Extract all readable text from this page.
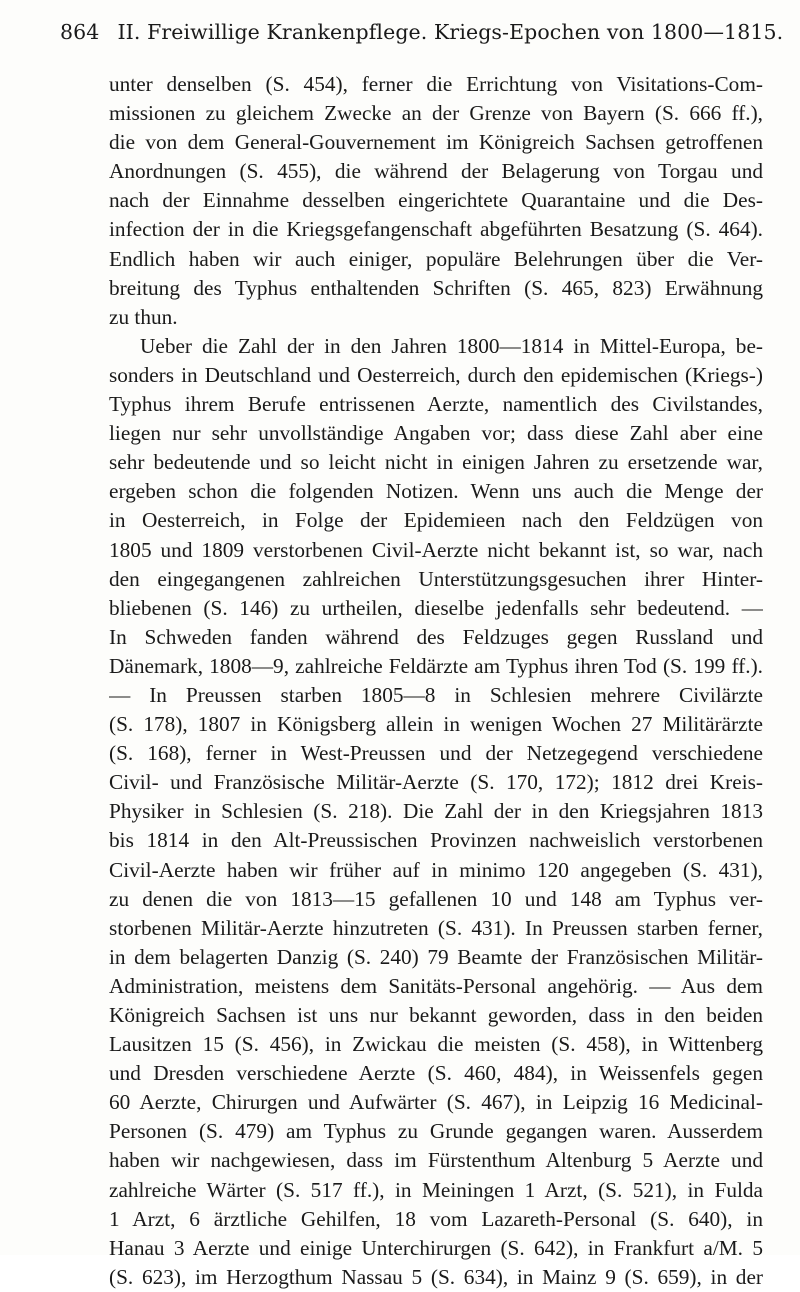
864 II. Freiwillige Krankenpflege. Kriegs-Epochen von 1800—1815.
unter denselben (S. 454), ferner die Errichtung von Visitations-Com-
missionen zu gleichem Zwecke an der Grenze von Bayern (S. 666 ff.),
die von dem General-Gouvernement im Königreich Sachsen getroffenen
Anordnungen (S. 455), die während der Belagerung von Torgau und
nach der Einnahme desselben eingerichtete Quarantaine und die Des-
infection der in die Kriegsgefangenschaft abgeführten Besatzung (S. 464).
Endlich haben wir auch einiger, populäre Belehrungen über die Ver-
breitung des Typhus enthaltenden Schriften (S. 465, 823) Erwähnung
zu thun.
Ueber die Zahl der in den Jahren 1800—1814 in Mittel-Europa, be-
sonders in Deutschland und Oesterreich, durch den epidemischen (Kriegs-)
Typhus ihrem Berufe entrissenen Aerzte, namentlich des Civilstandes,
liegen nur sehr unvollständige Angaben vor; dass diese Zahl aber eine
sehr bedeutende und so leicht nicht in einigen Jahren zu ersetzende war,
ergeben schon die folgenden Notizen. Wenn uns auch die Menge der
in Oesterreich, in Folge der Epidemieen nach den Feldzügen von
1805 und 1809 verstorbenen Civil-Aerzte nicht bekannt ist, so war, nach
den eingegangenen zahlreichen Unterstützungsgesuchen ihrer Hinter-
bliebenen (S. 146) zu urtheilen, dieselbe jedenfalls sehr bedeutend. —
In Schweden fanden während des Feldzuges gegen Russland und
Dänemark, 1808—9, zahlreiche Feldärzte am Typhus ihren Tod (S. 199 ff.).
— In Preussen starben 1805—8 in Schlesien mehrere Civilärzte
(S. 178), 1807 in Königsberg allein in wenigen Wochen 27 Militärärzte
(S. 168), ferner in West-Preussen und der Netzegegend verschiedene
Civil- und Französische Militär-Aerzte (S. 170, 172); 1812 drei Kreis-
Physiker in Schlesien (S. 218). Die Zahl der in den Kriegsjahren 1813
bis 1814 in den Alt-Preussischen Provinzen nachweislich verstorbenen
Civil-Aerzte haben wir früher auf in minimo 120 angegeben (S. 431),
zu denen die von 1813—15 gefallenen 10 und 148 am Typhus ver-
storbenen Militär-Aerzte hinzutreten (S. 431). In Preussen starben ferner,
in dem belagerten Danzig (S. 240) 79 Beamte der Französischen Militär-
Administration, meistens dem Sanitäts-Personal angehörig. — Aus dem
Königreich Sachsen ist uns nur bekannt geworden, dass in den beiden
Lausitzen 15 (S. 456), in Zwickau die meisten (S. 458), in Wittenberg
und Dresden verschiedene Aerzte (S. 460, 484), in Weissenfels gegen
60 Aerzte, Chirurgen und Aufwärter (S. 467), in Leipzig 16 Medicinal-
Personen (S. 479) am Typhus zu Grunde gegangen waren. Ausserdem
haben wir nachgewiesen, dass im Fürstenthum Altenburg 5 Aerzte und
zahlreiche Wärter (S. 517 ff.), in Meiningen 1 Arzt, (S. 521), in Fulda
1 Arzt, 6 ärztliche Gehilfen, 18 vom Lazareth-Personal (S. 640), in
Hanau 3 Aerzte und einige Unterchirurgen (S. 642), in Frankfurt a/M. 5
(S. 623), im Herzogthum Nassau 5 (S. 634), in Mainz 9 (S. 659), in der
